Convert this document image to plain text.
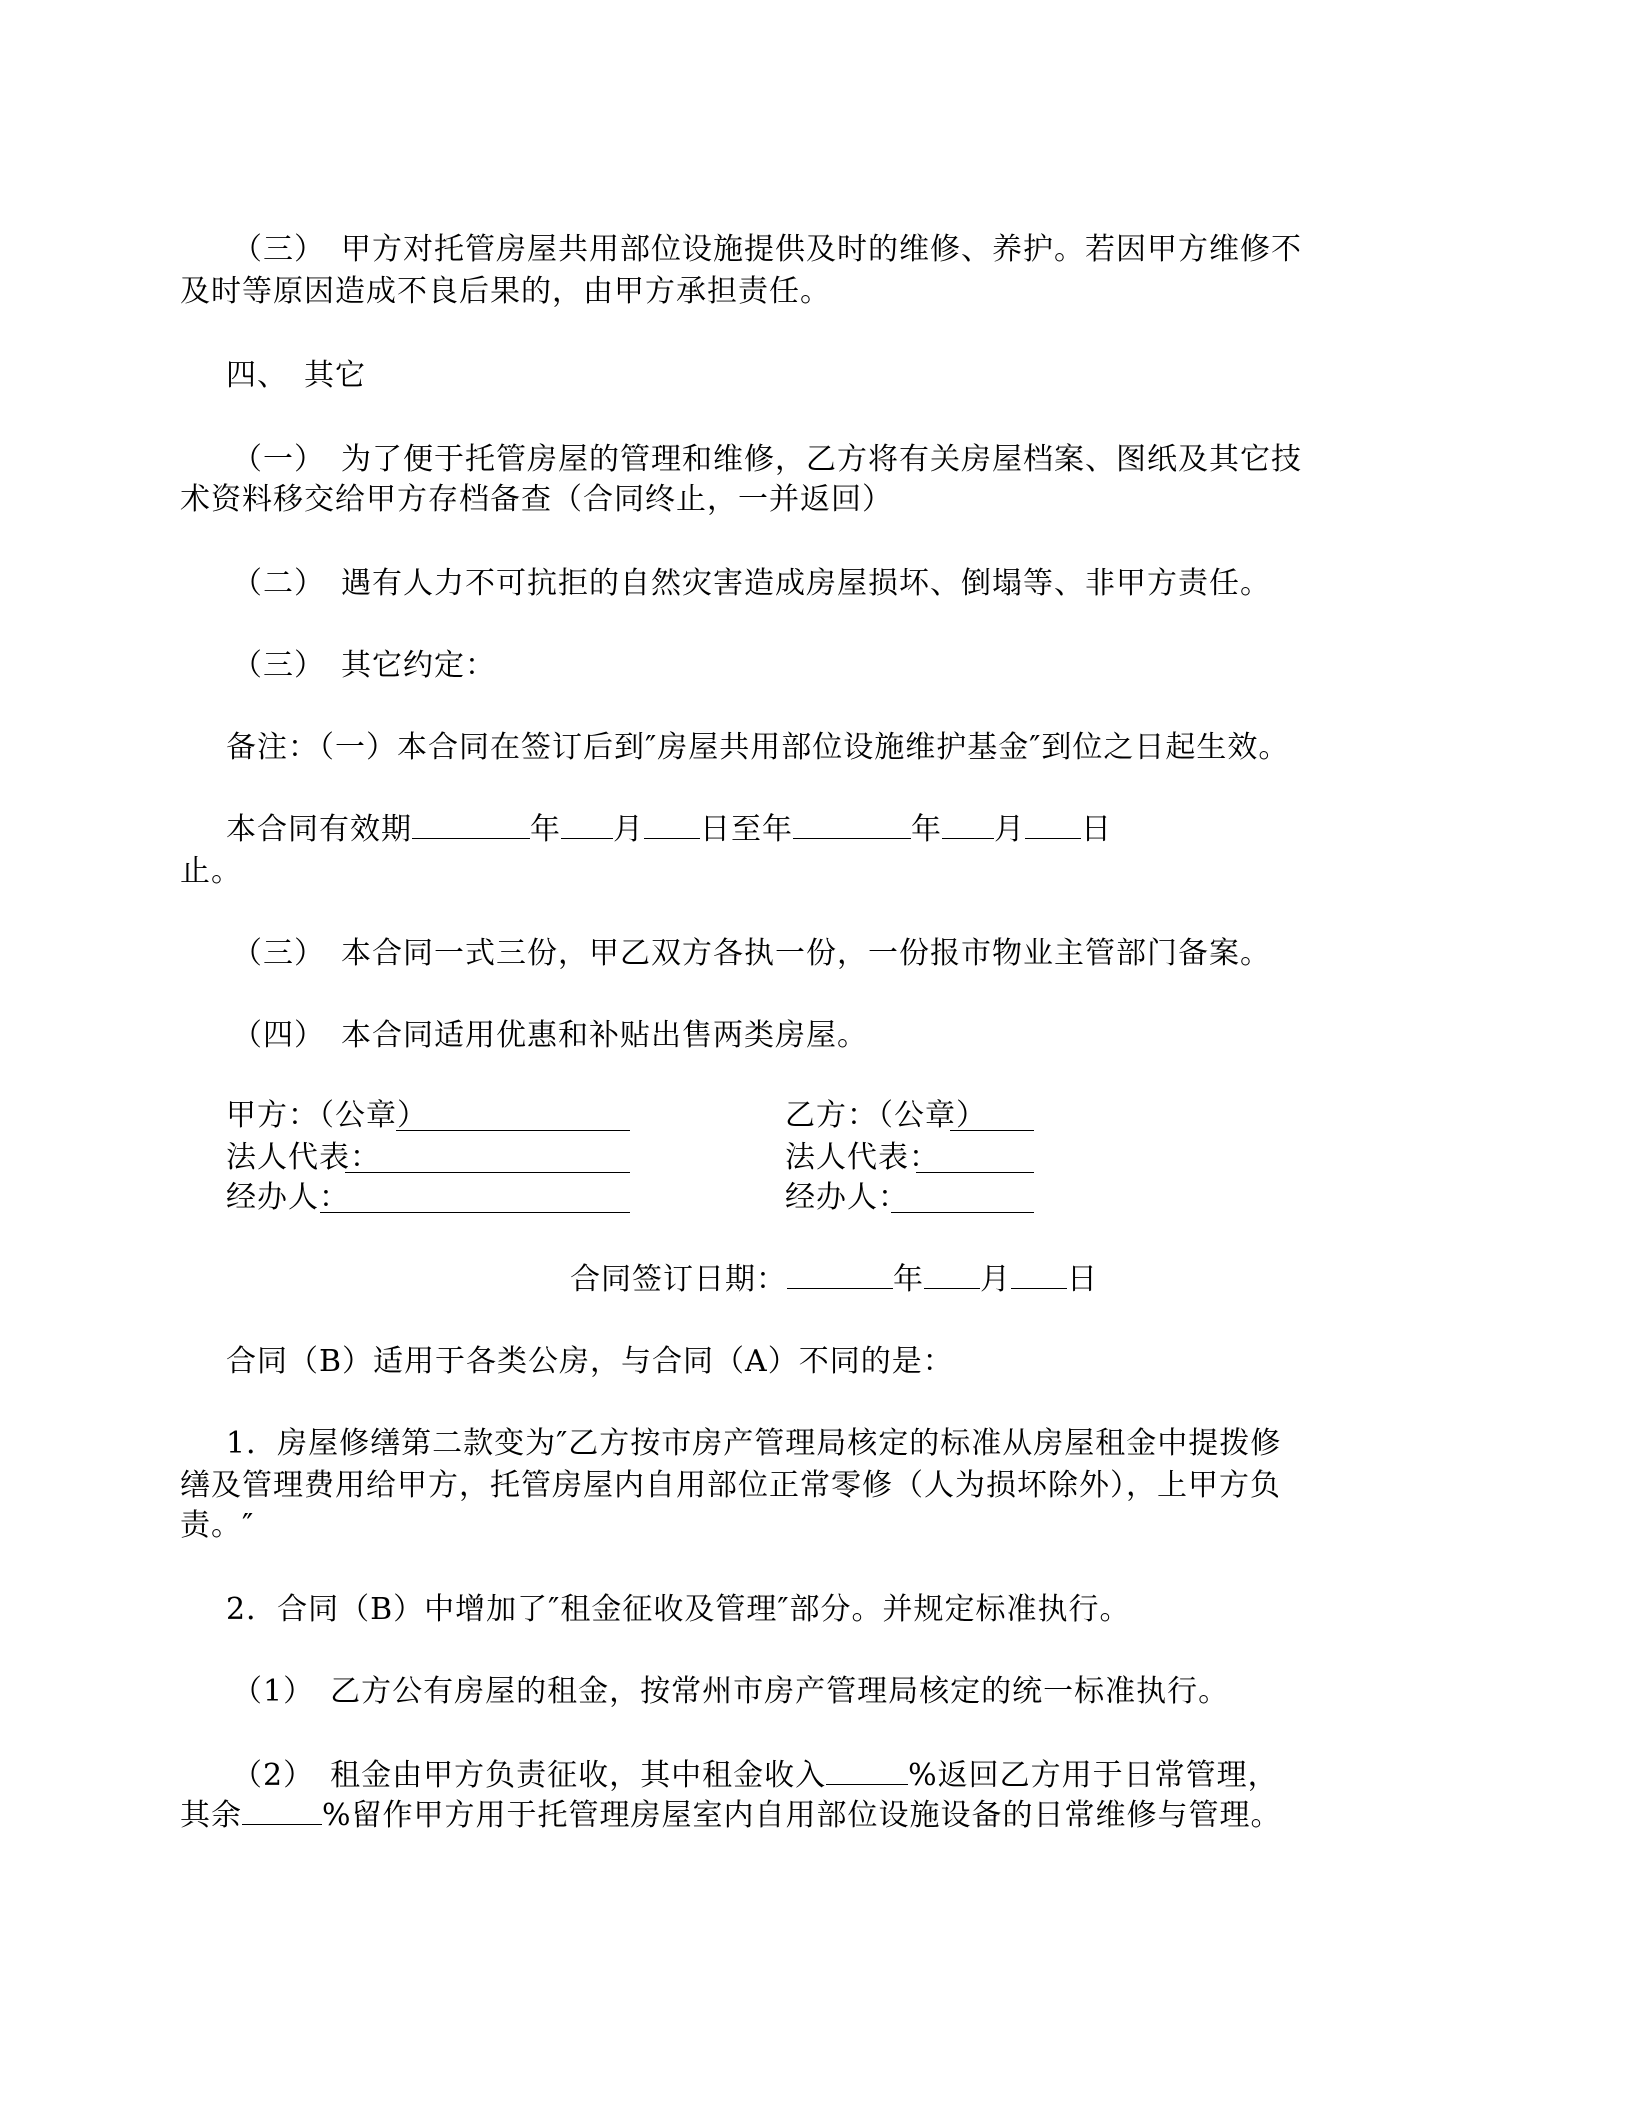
（三）　甲方对托管房屋共用部位设施提供及时的维修、养护。若因甲方维修不
及时等原因造成不良后果的，由甲方承担责任。
四、　其它
（一）　为了便于托管房屋的管理和维修，乙方将有关房屋档案、图纸及其它技
术资料移交给甲方存档备查（合同终止，一并返回）
（二）　遇有人力不可抗拒的自然灾害造成房屋损坏、倒塌等、非甲方责任。
（三）　其它约定：
备注：（一）本合同在签订后到″房屋共用部位设施维护基金″到位之日起生效。
本合同有效期	年 月 日至年	年 月 日
止。
（三）　本合同一式三份，甲乙双方各执一份，一份报市物业主管部门备案。
（四）　本合同适用优惠和补贴出售两类房屋。
甲方：（公章）
法人代表：
经办人：
乙方：（公章）
法人代表：
经办人：
合同签订日期：	年 月 日
合同（B）适用于各类公房，与合同（A）不同的是：
1．房屋修缮第二款变为″乙方按市房产管理局核定的标准从房屋租金中提拨修
缮及管理费用给甲方，托管房屋内自用部位正常零修（人为损坏除外），上甲方负
责。″
2．合同（B）中增加了″租金征收及管理″部分。并规定标准执行。
（1）　乙方公有房屋的租金，按常州市房产管理局核定的统一标准执行。
（2）　租金由甲方负责征收，其中租金收入	%返回乙方用于日常管理，
其余	%留作甲方用于托管理房屋室内自用部位设施设备的日常维修与管理。
